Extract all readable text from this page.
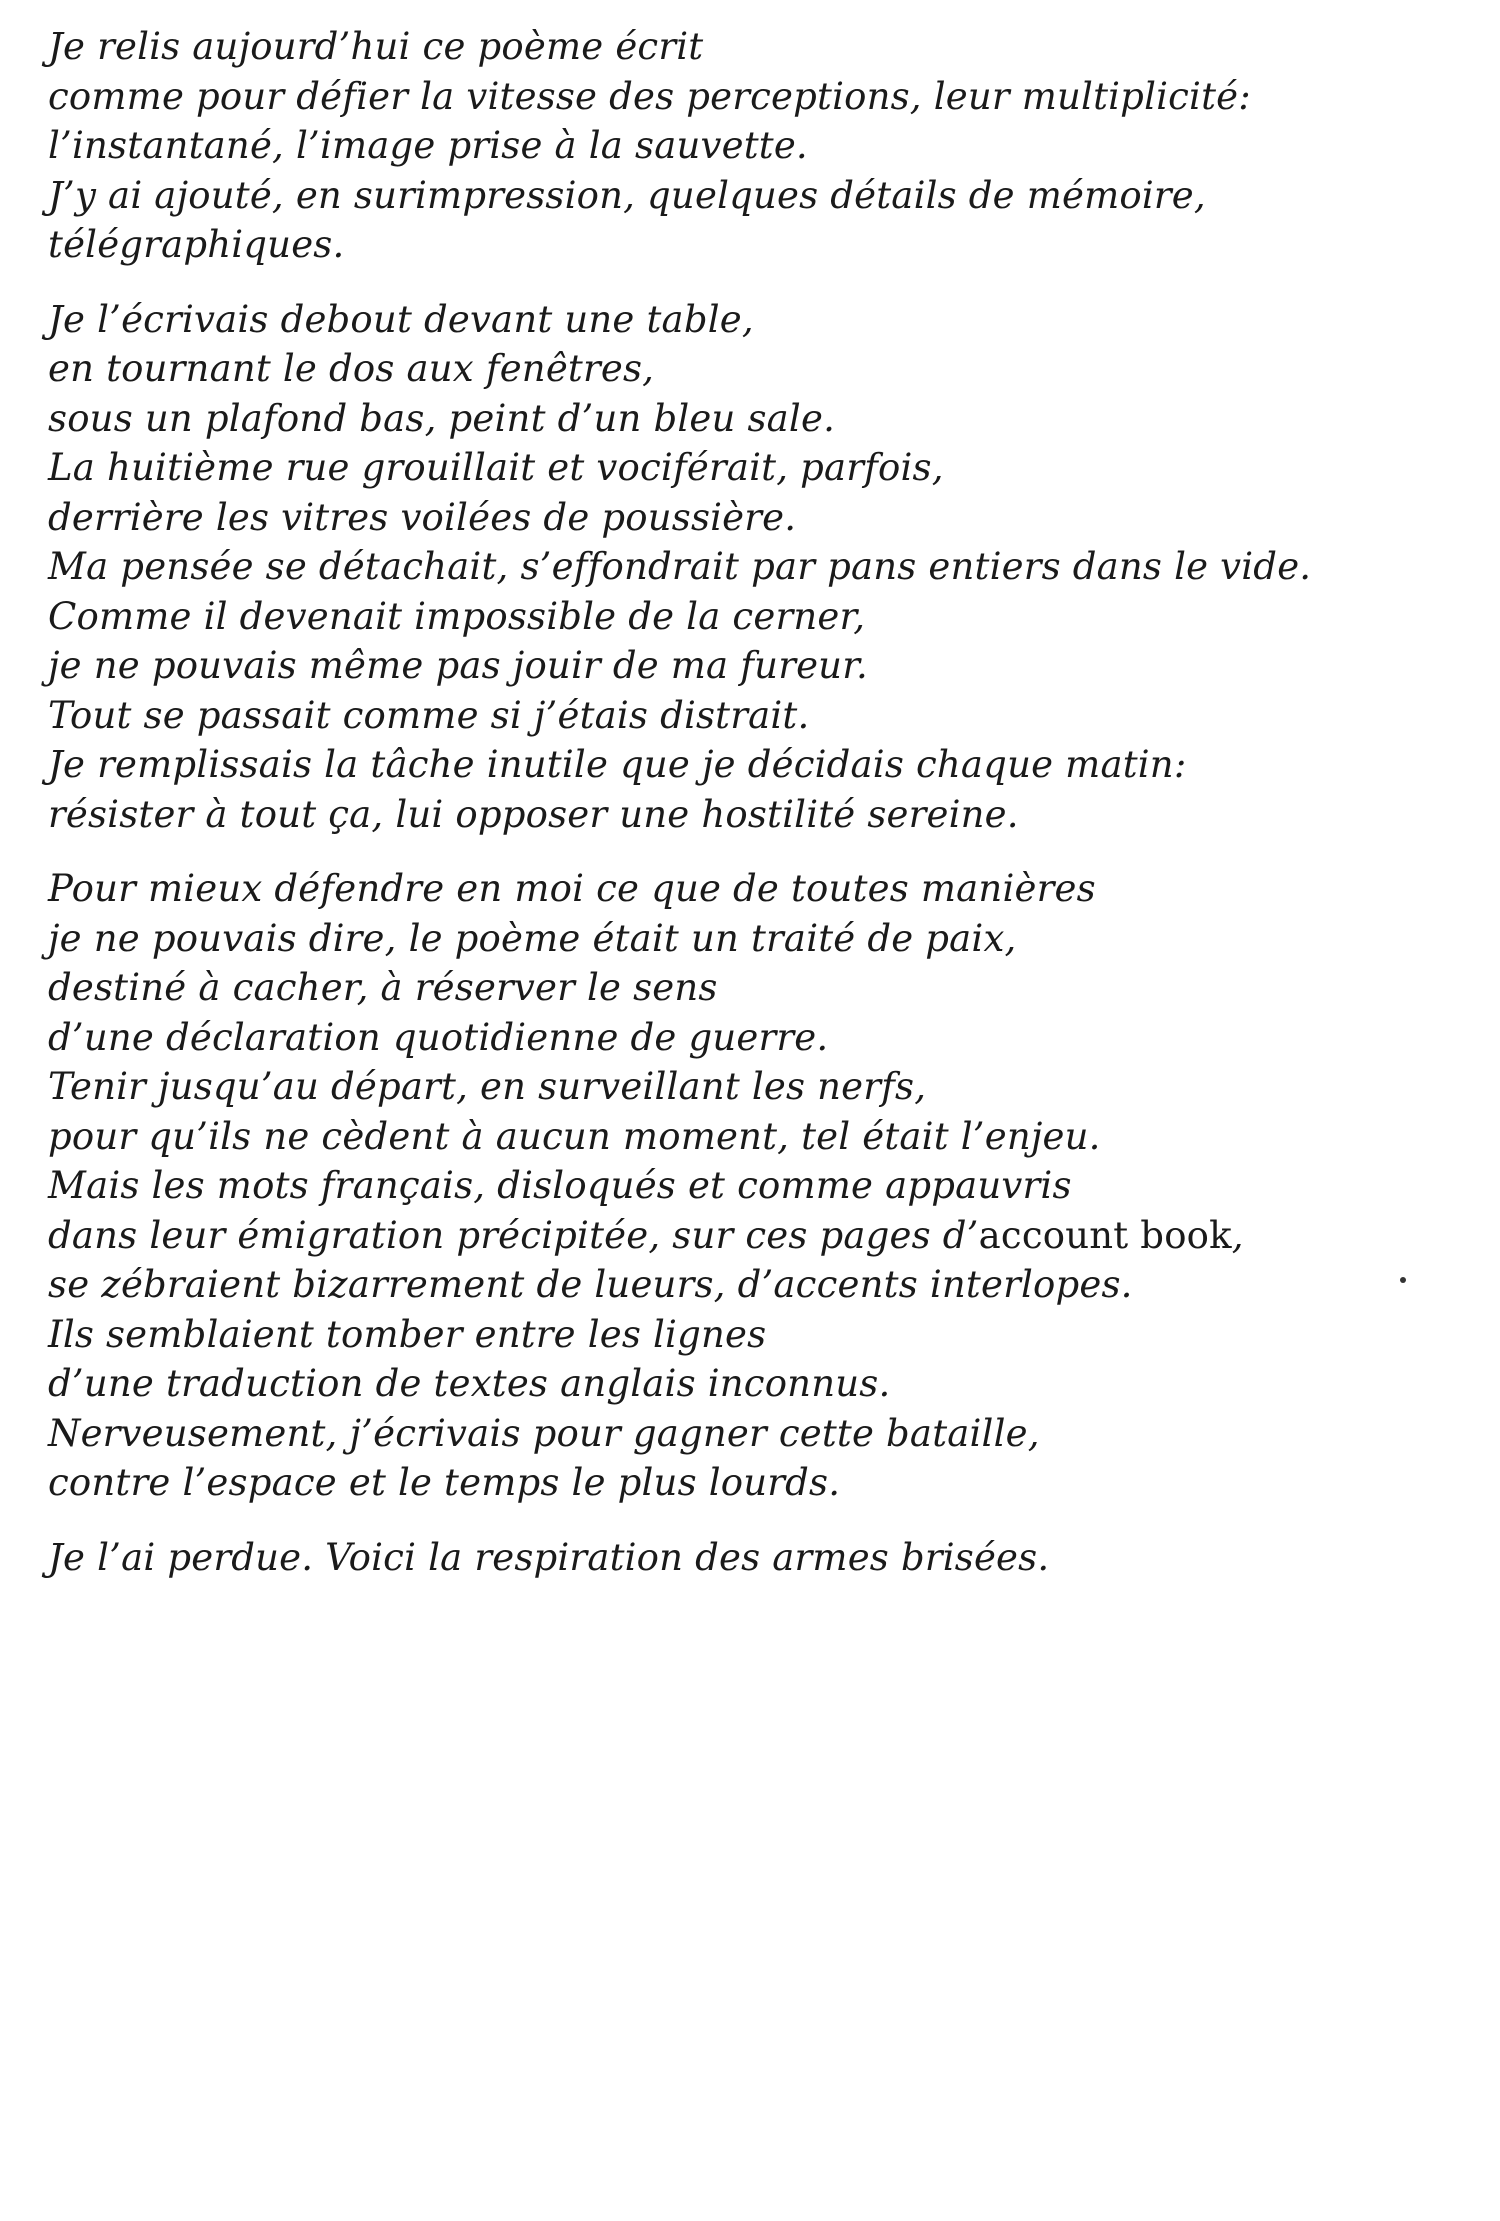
Je relis aujourd’hui ce poème écrit
comme pour défier la vitesse des perceptions, leur multiplicité:
l’instantané, l’image prise à la sauvette.
J’y ai ajouté, en surimpression, quelques détails de mémoire,
télégraphiques.
Je l’écrivais debout devant une table,
en tournant le dos aux fenêtres,
sous un plafond bas, peint d’un bleu sale.
La huitième rue grouillait et vociférait, parfois,
derrière les vitres voilées de poussière.
Ma pensée se détachait, s’effondrait par pans entiers dans le vide.
Comme il devenait impossible de la cerner,
je ne pouvais même pas jouir de ma fureur.
Tout se passait comme si j’étais distrait.
Je remplissais la tâche inutile que je décidais chaque matin:
résister à tout ça, lui opposer une hostilité sereine.
Pour mieux défendre en moi ce que de toutes manières
je ne pouvais dire, le poème était un traité de paix,
destiné à cacher, à réserver le sens
d’une déclaration quotidienne de guerre.
Tenir jusqu’au départ, en surveillant les nerfs,
pour qu’ils ne cèdent à aucun moment, tel était l’enjeu.
Mais les mots français, disloqués et comme appauvris
dans leur émigration précipitée, sur ces pages d’account book,
se zébraient bizarrement de lueurs, d’accents interlopes.
Ils semblaient tomber entre les lignes
d’une traduction de textes anglais inconnus.
Nerveusement, j’écrivais pour gagner cette bataille,
contre l’espace et le temps le plus lourds.
Je l’ai perdue. Voici la respiration des armes brisées.
